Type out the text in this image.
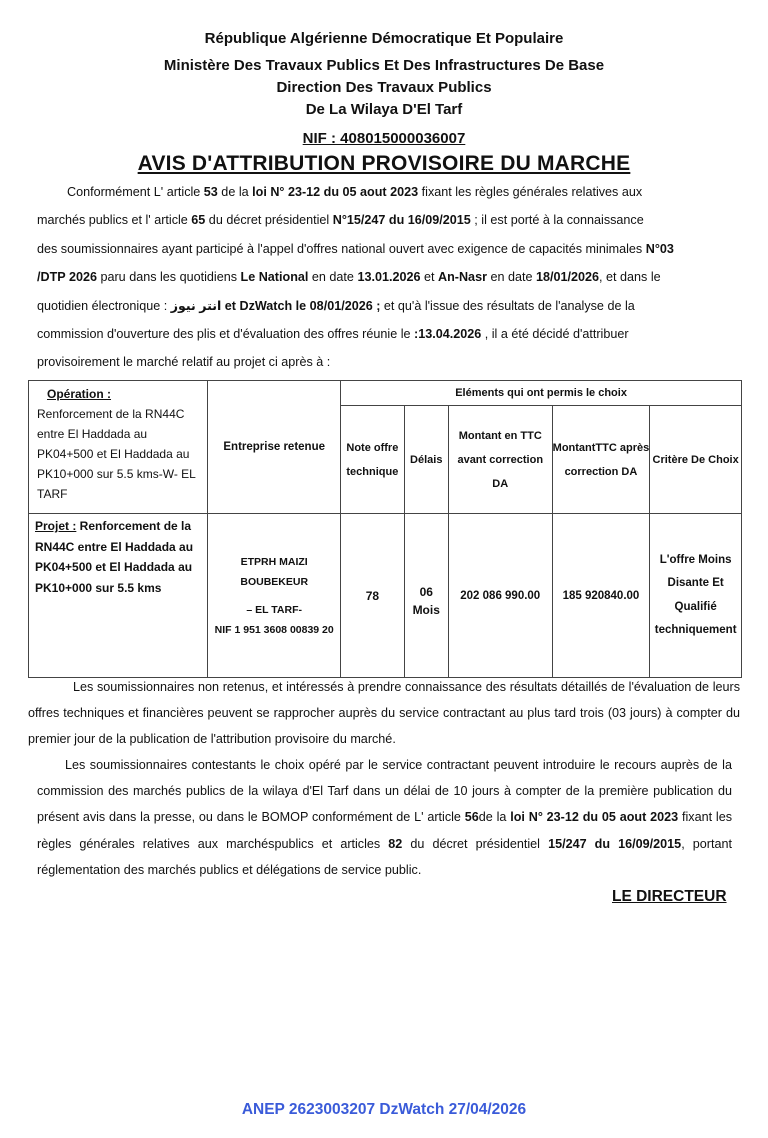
République Algérienne Démocratique Et Populaire
Ministère Des Travaux Publics Et Des Infrastructures De Base
Direction Des Travaux Publics
De La Wilaya D'El Tarf
NIF : 408015000036007
AVIS D'ATTRIBUTION PROVISOIRE DU MARCHE
Conformément L' article 53 de la loi N° 23-12 du 05 aout 2023 fixant les règles générales relatives aux
marchés publics et l' article 65 du décret présidentiel N°15/247 du 16/09/2015 ; il est porté à la connaissance
des soumissionnaires ayant participé à l'appel d'offres national ouvert avec exigence de capacités minimales N°03
/DTP 2026 paru dans les quotidiens Le National en date 13.01.2026 et An-Nasr en date 18/01/2026, et dans le
quotidien électronique : انتر نيوز et DzWatch le 08/01/2026 ; et qu'à l'issue des résultats de l'analyse de la
commission d'ouverture des plis et d'évaluation des offres réunie le :13.04.2026 , il a été décidé d'attribuer
provisoirement le marché relatif au projet ci après à :
Opération :
Renforcement de la RN44C entre El Haddada au PK04+500 et El Haddada au PK10+000 sur 5.5 kms-W- EL TARF	Entreprise retenue	Eléments qui ont permis le choix				
		Note offre technique	Délais	Montant en TTC avant correction DA	MontantTTC après correction DA	Critère De Choix
Projet : Renforcement de la RN44C entre El Haddada au PK04+500 et El Haddada au PK10+000 sur 5.5 kms	ETPRH MAIZI BOUBEKEUR
– EL TARF-
NIF 1 951 3608 00839 20	78	06 Mois	202 086 990.00	185 920840.00	L'offre Moins Disante Et Qualifié techniquement
Les soumissionnaires non retenus, et intéressés à prendre connaissance des résultats détaillés de l'évaluation de leurs offres techniques et financières peuvent se rapprocher auprès du service contractant au plus tard trois (03 jours) à compter du premier jour de la publication de l'attribution provisoire du marché.
Les soumissionnaires contestants le choix opéré par le service contractant peuvent introduire le recours auprès de la commission des marchés publics de la wilaya d'El Tarf dans un délai de 10 jours à compter de la première publication du présent avis dans la presse, ou dans le BOMOP conformément de L' article 56de la loi N° 23-12 du 05 aout 2023 fixant les règles générales relatives aux marchéspublics et articles 82 du décret présidentiel 15/247 du 16/09/2015, portant réglementation des marchés publics et délégations de service public.
LE DIRECTEUR
ANEP 2623003207 DzWatch 27/04/2026
